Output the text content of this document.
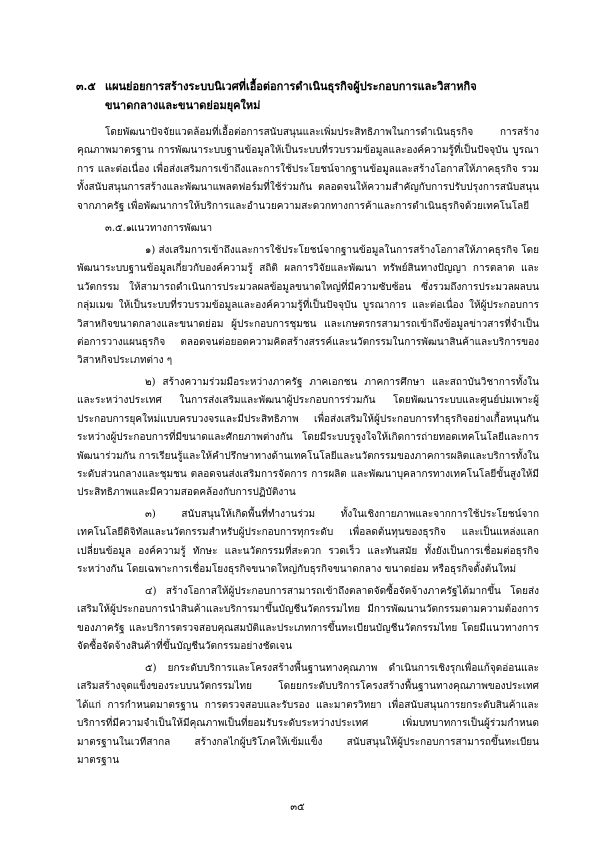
๓.๕ แผนย่อยการสร้างระบบนิเวศที่เอื้อต่อการดำเนินธุรกิจผู้ประกอบการและวิสาหกิจ
ขนาดกลางและขนาดย่อมยุคใหม่
โดยพัฒนาปัจจัยแวดล้อมที่เอื้อต่อการสนับสนุนและเพิ่มประสิทธิภาพในการดำเนินธุรกิจ การสร้างคุณภาพมาตรฐาน การพัฒนาระบบฐานข้อมูลให้เป็นระบบที่รวบรวมข้อมูลและองค์ความรู้ที่เป็นปัจจุบัน บูรณาการ และต่อเนื่อง เพื่อส่งเสริมการเข้าถึงและการใช้ประโยชน์จากฐานข้อมูลและสร้างโอกาสให้ภาคธุรกิจ รวมทั้งสนับสนุนการสร้างและพัฒนาแพลตฟอร์มที่ใช้ร่วมกัน ตลอดจนให้ความสำคัญกับการปรับปรุงการสนับสนุนจากภาครัฐ เพื่อพัฒนาการให้บริการและอำนวยความสะดวกทางการค้าและการดำเนินธุรกิจด้วยเทคโนโลยี
๓.๕.๑แนวทางการพัฒนา
๑) ส่งเสริมการเข้าถึงและการใช้ประโยชน์จากฐานข้อมูลในการสร้างโอกาสให้ภาคธุรกิจ โดยพัฒนาระบบฐานข้อมูลเกี่ยวกับองค์ความรู้ สถิติ ผลการวิจัยและพัฒนา ทรัพย์สินทางปัญญา การตลาด และนวัตกรรม ให้สามารถดำเนินการประมวลผลข้อมูลขนาดใหญ่ที่มีความซับซ้อน ซึ่งรวมถึงการประมวลผลบนกลุ่มเมฆ ให้เป็นระบบที่รวบรวมข้อมูลและองค์ความรู้ที่เป็นปัจจุบัน บูรณาการ และต่อเนื่อง ให้ผู้ประกอบการวิสาหกิจขนาดกลางและขนาดย่อม ผู้ประกอบการชุมชน และเกษตรกรสามารถเข้าถึงข้อมูลข่าวสารที่จำเป็นต่อการวางแผนธุรกิจ ตลอดจนต่อยอดความคิดสร้างสรรค์และนวัตกรรมในการพัฒนาสินค้าและบริการของวิสาหกิจประเภทต่าง ๆ
๒) สร้างความร่วมมือระหว่างภาครัฐ ภาคเอกชน ภาคการศึกษา และสถาบันวิชาการทั้งในและระหว่างประเทศ ในการส่งเสริมและพัฒนาผู้ประกอบการร่วมกัน โดยพัฒนาระบบและศูนย์บ่มเพาะผู้ประกอบการยุคใหม่แบบครบวงจรและมีประสิทธิภาพ เพื่อส่งเสริมให้ผู้ประกอบการทำธุรกิจอย่างเกื้อหนุนกันระหว่างผู้ประกอบการที่มีขนาดและศักยภาพต่างกัน โดยมีระบบรูจูงใจให้เกิดการถ่ายทอดเทคโนโลยีและการพัฒนาร่วมกัน การเรียนรู้และให้คำปรึกษาทางด้านเทคโนโลยีและนวัตกรรมของภาคการผลิตและบริการทั้งในระดับส่วนกลางและชุมชน ตลอดจนส่งเสริมการจัดการ การผลิต และพัฒนาบุคลากรทางเทคโนโลยีขั้นสูงให้มีประสิทธิภาพและมีความสอดคล้องกับการปฏิบัติงาน
๓)	สนับสนุนให้เกิดพื้นที่ทำงานร่วม ทั้งในเชิงกายภาพและจากการใช้ประโยชน์จากเทคโนโลยีดิจิทัลและนวัตกรรมสำหรับผู้ประกอบการทุกระดับ เพื่อลดต้นทุนของธุรกิจ และเป็นแหล่งแลกเปลี่ยนข้อมูล องค์ความรู้ ทักษะ และนวัตกรรมที่สะดวก รวดเร็ว และทันสมัย ทั้งยังเป็นการเชื่อมต่อธุรกิจระหว่างกัน โดยเฉพาะการเชื่อมโยงธุรกิจขนาดใหญ่กับธุรกิจขนาดกลาง ขนาดย่อม หรือธุรกิจตั้งต้นใหม่
๓๕
๔) สร้างโอกาสให้ผู้ประกอบการสามารถเข้าถึงตลาดจัดซื้อจัดจ้างภาครัฐได้มากขึ้น โดยส่งเสริมให้ผู้ประกอบการนำสินค้าและบริการมาขึ้นบัญชีนวัตกรรมไทย มีการพัฒนานวัตกรรมตามความต้องการของภาครัฐ และบริการตรวจสอบคุณสมบัติและประเภทการขึ้นทะเบียนบัญชีนวัตกรรมไทย โดยมีแนวทางการจัดซื้อจัดจ้างสินค้าที่ขึ้นบัญชีนวัตกรรมอย่างชัดเจน
๕) ยกระดับบริการและโครงสร้างพื้นฐานทางคุณภาพ ดำเนินการเชิงรุกเพื่อแก้จุดอ่อนและเสริมสร้างจุดแข็งของระบบนวัตกรรมไทย โดยยกระดับบริการโครงสร้างพื้นฐานทางคุณภาพของประเทศได้แก่ การกำหนดมาตรฐาน การตรวจสอบและรับรอง และมาตรวิทยา เพื่อสนับสนุนการยกระดับสินค้าและบริการที่มีความจำเป็นให้มีคุณภาพเป็นที่ยอมรับระดับระหว่างประเทศ เพิ่มบทบาทการเป็นผู้ร่วมกำหนดมาตรฐานในเวทีสากล สร้างกลไกผู้บริโภคให้เข้มแข็ง สนับสนุนให้ผู้ประกอบการสามารถขึ้นทะเบียนมาตรฐาน
